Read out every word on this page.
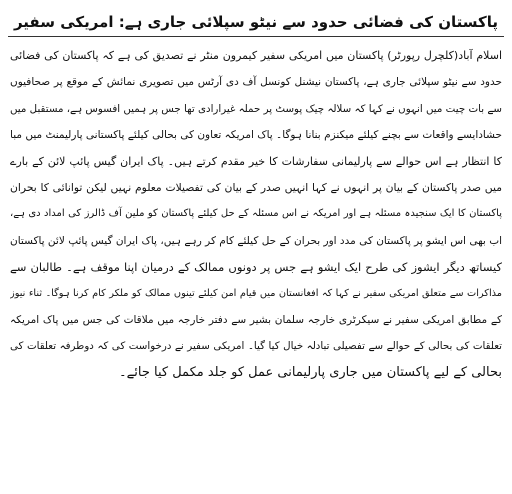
پاکستان کی فضائی حدود سے نیٹو سپلائی جاری ہے: امریکی سفیر
اسلام آباد(کلچرل رپورٹر) پاکستان میں امریکی سفیر کیمرون منٹر نے تصدیق کی ہے کہ پاکستان کی فضائی
حدود سے نیٹو سپلائی جاری ہے، پاکستان نیشنل کونسل آف دی آرٹس میں تصویری نمائش کے موقع پر صحافیوں
سے بات چیت میں انہوں نے کہا کہ سلالہ چیک پوسٹ پر حملہ غیرارادی تھا جس پر ہمیں افسوس ہے، مستقبل میں
حشادایسے واقعات سے بچنے کیلئے میکنزم بنانا ہوگا۔ پاک امریکہ تعاون کی بحالی کیلئے پاکستانی پارلیمنٹ میں مبا
کا انتظار ہے اس حوالے سے پارلیمانی سفارشات کا خیر مقدم کرتے ہیں۔ پاک ایران گیس پائپ لائن کے بارے
میں صدر پاکستان کے بیان پر انہوں نے کہا انہیں صدر کے بیان کی تفصیلات معلوم نہیں لیکن توانائی کا بحران
پاکستان کا ایک سنجیدہ مسئلہ ہے اور امریکہ نے اس مسئلہ کے حل کیلئے پاکستان کو ملین آف ڈالرز کی امداد دی ہے،
اب بھی اس ایشو پر پاکستان کی مدد اور بحران کے حل کیلئے کام کر رہے ہیں، پاک ایران گیس پائپ لائن پاکستان
کیساتھ دیگر ایشوز کی طرح ایک ایشو ہے جس پر دونوں ممالک کے درمیان اپنا موقف ہے۔ طالبان سے
مذاکرات سے متعلق امریکی سفیر نے کہا کہ افغانستان میں قیام امن کیلئے تینوں ممالک کو ملکر کام کرنا ہوگا۔ ثناء نیوز
کے مطابق امریکی سفیر نے سیکرٹری خارجہ سلمان بشیر سے دفتر خارجہ میں ملاقات کی جس میں پاک امریکہ
تعلقات کی بحالی کے حوالے سے تفصیلی تبادلہ خیال کیا گیا۔ امریکی سفیر نے درخواست کی کہ دوطرفہ تعلقات کی
بحالی کے لیے پاکستان میں جاری پارلیمانی عمل کو جلد مکمل کیا جائے۔
